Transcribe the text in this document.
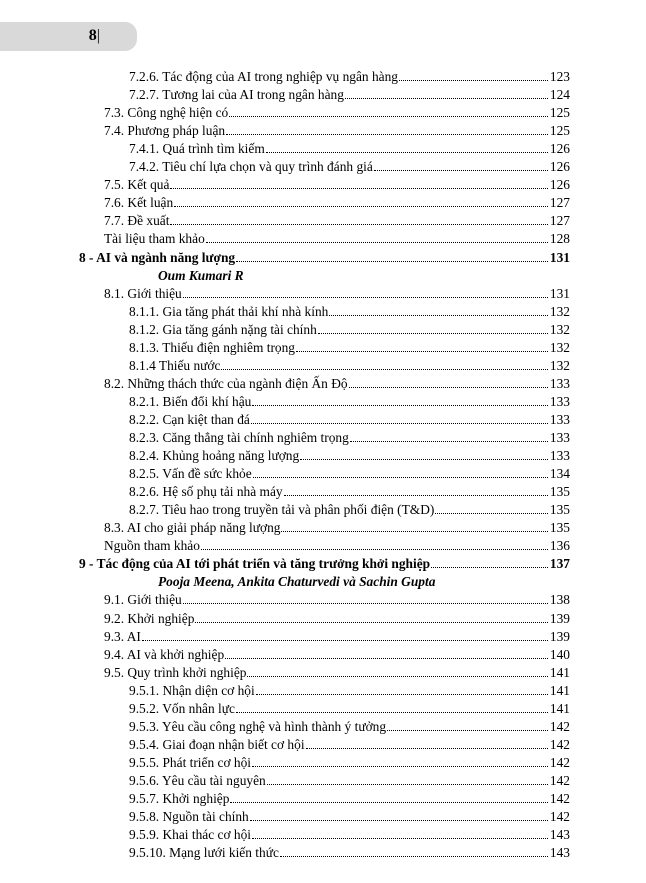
8|
7.2.6. Tác động của AI trong nghiệp vụ ngân hàng	123
7.2.7. Tương lai của AI trong ngân hàng	124
7.3. Công nghệ hiện có	125
7.4. Phương pháp luận	125
7.4.1. Quá trình tìm kiếm	126
7.4.2. Tiêu chí lựa chọn và quy trình đánh giá	126
7.5. Kết quả	126
7.6. Kết luận	127
7.7. Đề xuất	127
Tài liệu tham khảo	128
8 - AI và ngành năng lượng	131
Oum Kumari R
8.1. Giới thiệu	131
8.1.1. Gia tăng phát thải khí nhà kính	132
8.1.2. Gia tăng gánh nặng tài chính	132
8.1.3. Thiếu điện nghiêm trọng	132
8.1.4 Thiếu nước	132
8.2. Những thách thức của ngành điện Ấn Độ	133
8.2.1. Biến đổi khí hậu	133
8.2.2. Cạn kiệt than đá	133
8.2.3. Căng thẳng tài chính nghiêm trọng	133
8.2.4. Khủng hoảng năng lượng	133
8.2.5. Vấn đề sức khỏe	134
8.2.6. Hệ số phụ tải nhà máy	135
8.2.7. Tiêu hao trong truyền tải và phân phối điện (T&D)	135
8.3. AI cho giải pháp năng lượng	135
Nguồn tham khảo	136
9 - Tác động của AI tới phát triển và tăng trưởng khởi nghiệp	137
Pooja Meena, Ankita Chaturvedi và Sachin Gupta
9.1. Giới thiệu	138
9.2. Khởi nghiệp	139
9.3. AI	139
9.4. AI và khởi nghiệp	140
9.5. Quy trình khởi nghiệp	141
9.5.1. Nhận diện cơ hội	141
9.5.2. Vốn nhân lực	141
9.5.3. Yêu cầu công nghệ và hình thành ý tưởng	142
9.5.4. Giai đoạn nhận biết cơ hội	142
9.5.5. Phát triển cơ hội	142
9.5.6. Yêu cầu tài nguyên	142
9.5.7. Khởi nghiệp	142
9.5.8. Nguồn tài chính	142
9.5.9. Khai thác cơ hội	143
9.5.10. Mạng lưới kiến thức	143
